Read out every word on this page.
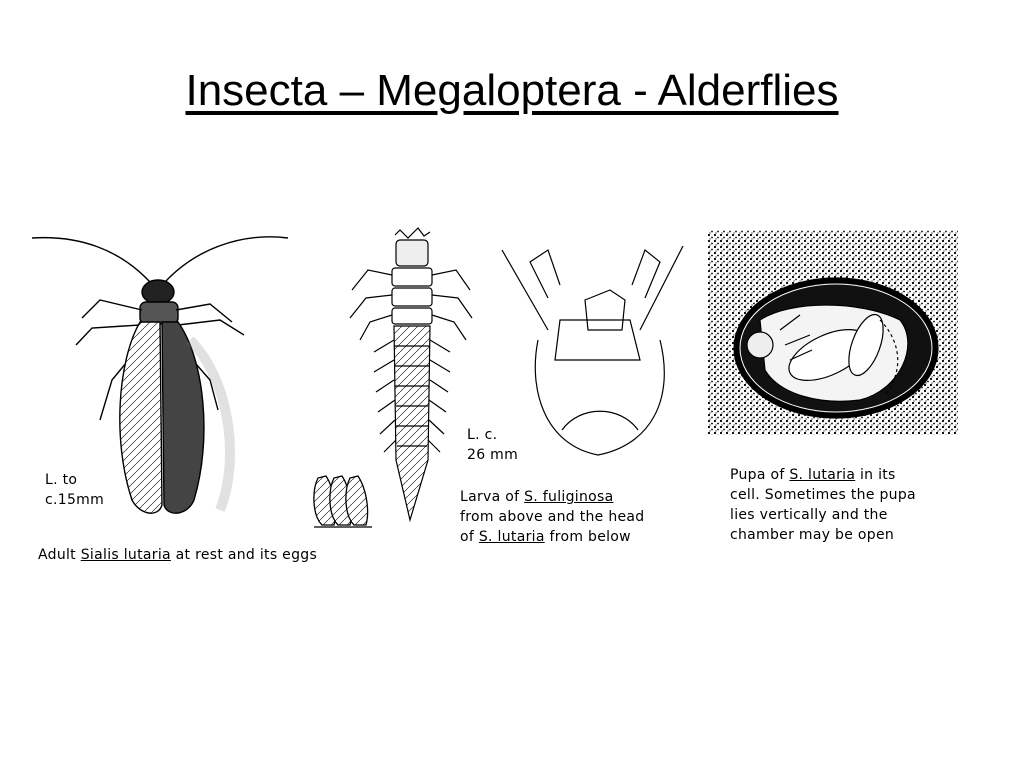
Insecta – Megaloptera - Alderflies
L. to
c.15mm
Adult Sialis lutaria at rest and its eggs
L. c.
26 mm
Larva of S. fuliginosa
from above and the head
of S. lutaria from below
Pupa of S. lutaria in its
cell. Sometimes the pupa
lies vertically and the
chamber may be open
